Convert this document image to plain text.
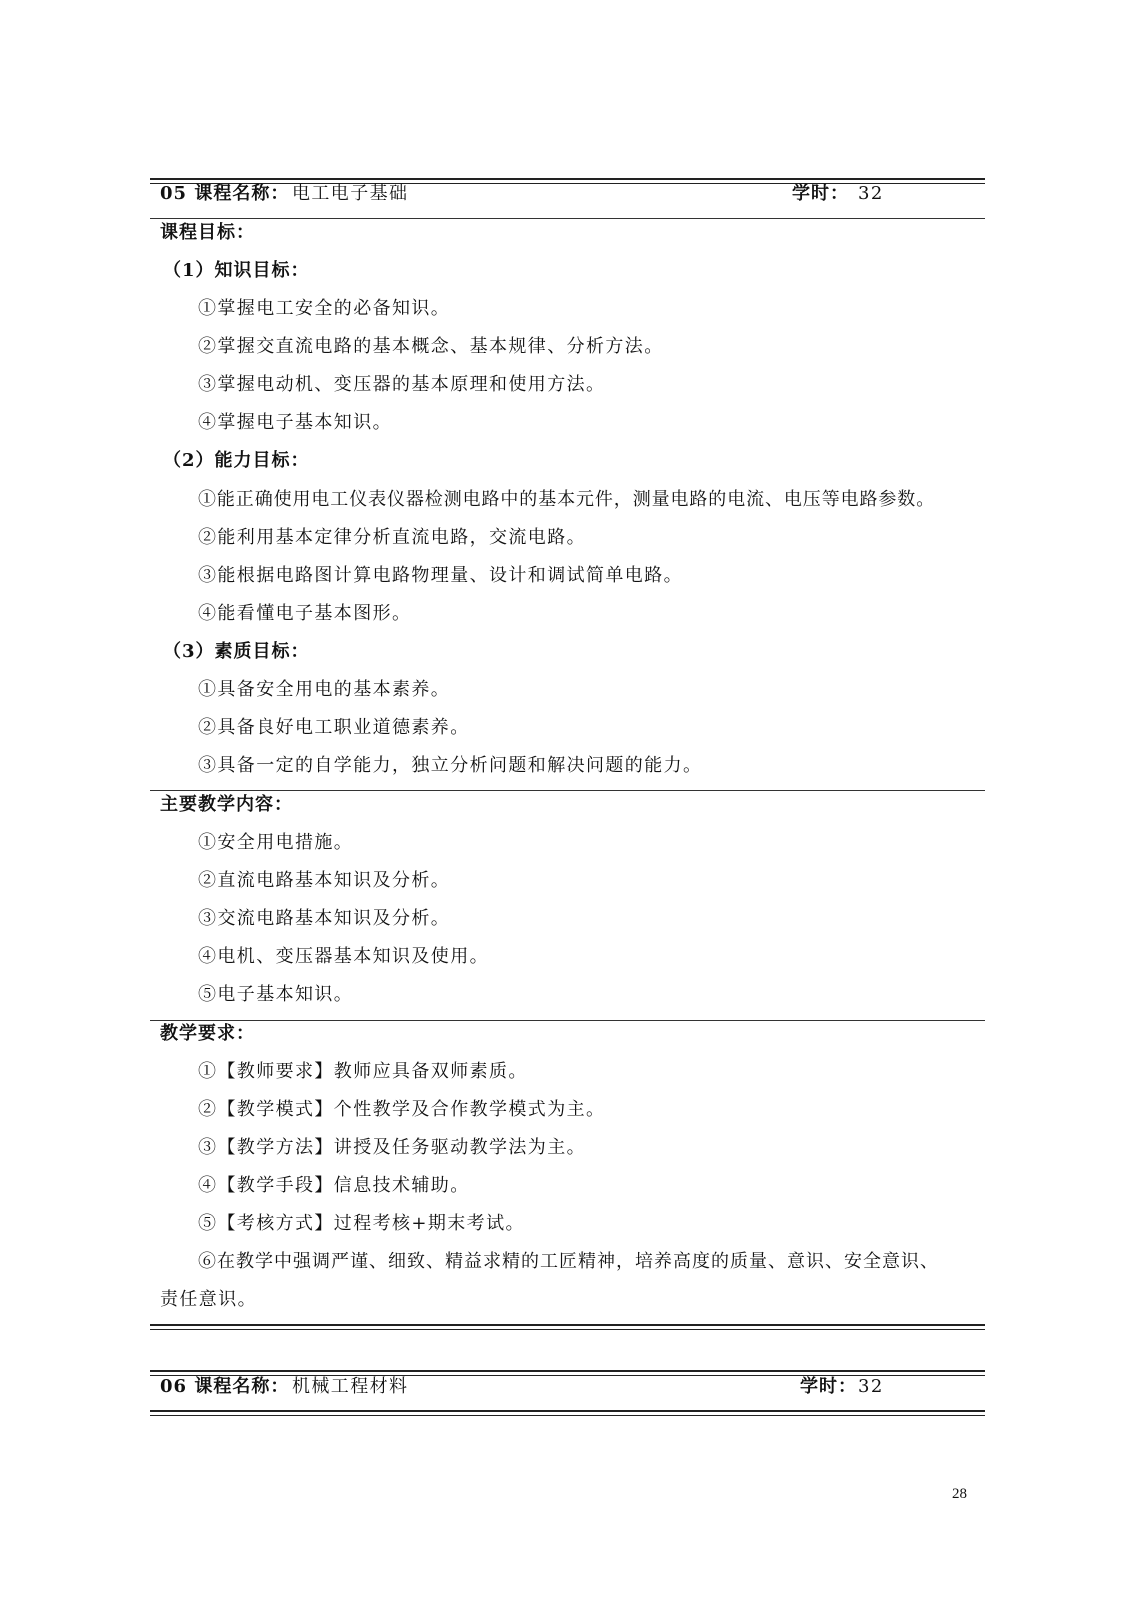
05 课程名称： 电工电子基础	学时： 32
课程目标：
（1）知识目标：
①掌握电工安全的必备知识。
②掌握交直流电路的基本概念、基本规律、分析方法。
③掌握电动机、变压器的基本原理和使用方法。
④掌握电子基本知识。
（2）能力目标：
①能正确使用电工仪表仪器检测电路中的基本元件，测量电路的电流、电压等电路参数。
②能利用基本定律分析直流电路，交流电路。
③能根据电路图计算电路物理量、设计和调试简单电路。
④能看懂电子基本图形。
（3）素质目标：
①具备安全用电的基本素养。
②具备良好电工职业道德素养。
③具备一定的自学能力，独立分析问题和解决问题的能力。
主要教学内容：
①安全用电措施。
②直流电路基本知识及分析。
③交流电路基本知识及分析。
④电机、变压器基本知识及使用。
⑤电子基本知识。
教学要求：
①【教师要求】教师应具备双师素质。
②【教学模式】个性教学及合作教学模式为主。
③【教学方法】讲授及任务驱动教学法为主。
④【教学手段】信息技术辅助。
⑤【考核方式】过程考核+期末考试。
⑥在教学中强调严谨、细致、精益求精的工匠精神，培养高度的质量、意识、安全意识、
责任意识。
06 课程名称： 机械工程材料	学时： 32
28
